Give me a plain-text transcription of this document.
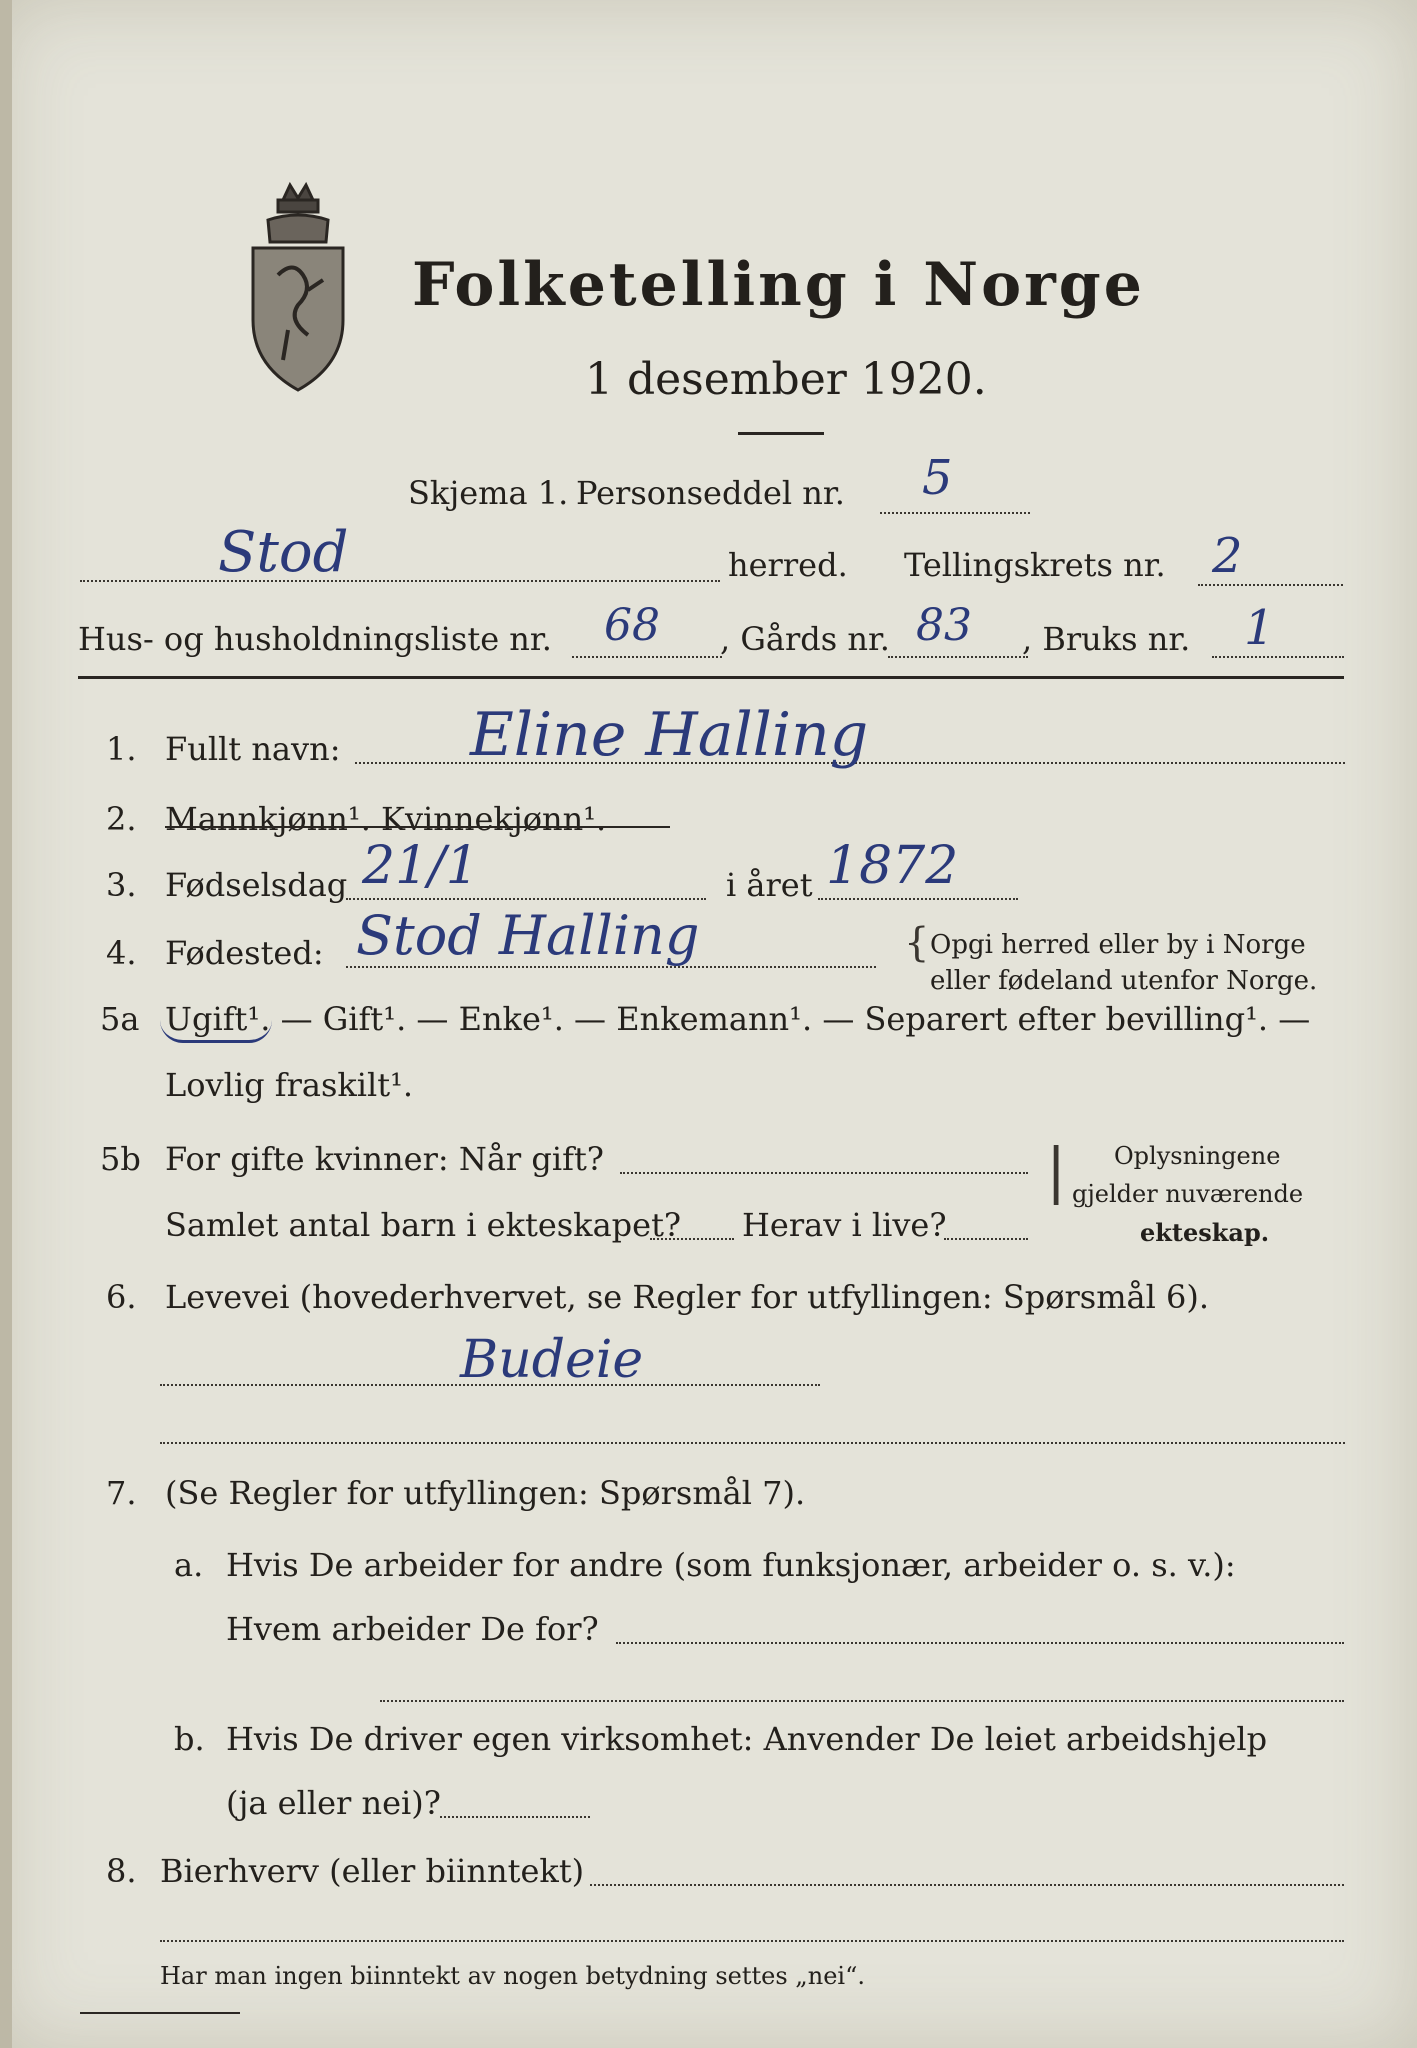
Folketelling i Norge
1 desember 1920.
Skjema 1. Personseddel nr. 5
Stod	herred. Tellingskrets nr. 2
Hus- og husholdningsliste nr. 68 , Gårds nr. 83 , Bruks nr. 1
1. Fullt navn: Eline Halling
2. Mannkjønn¹. Kvinnekjønn¹.
3. Fødselsdag 21/1	i året 1872
4. Fødested: Stod Halling	{ Opgi herred eller by i Norge
eller fødeland utenfor Norge.
5a Ugift¹. — Gift¹. — Enke¹. — Enkemann¹. — Separert efter bevilling¹. —
Lovlig fraskilt¹.
5b For gifte kvinner: Når gift?
Samlet antal barn i ekteskapet? Herav i live?
| Oplysningene
gjelder nuværende
ekteskap.
6. Levevei (hovederhvervet, se Regler for utfyllingen: Spørsmål 6).
Budeie
7. (Se Regler for utfyllingen: Spørsmål 7).
a. Hvis De arbeider for andre (som funksjonær, arbeider o. s. v.):
Hvem arbeider De for?
b. Hvis De driver egen virksomhet: Anvender De leiet arbeidshjelp
(ja eller nei)?
8. Bierhverv (eller biinntekt)
Har man ingen biinntekt av nogen betydning settes „nei“.
